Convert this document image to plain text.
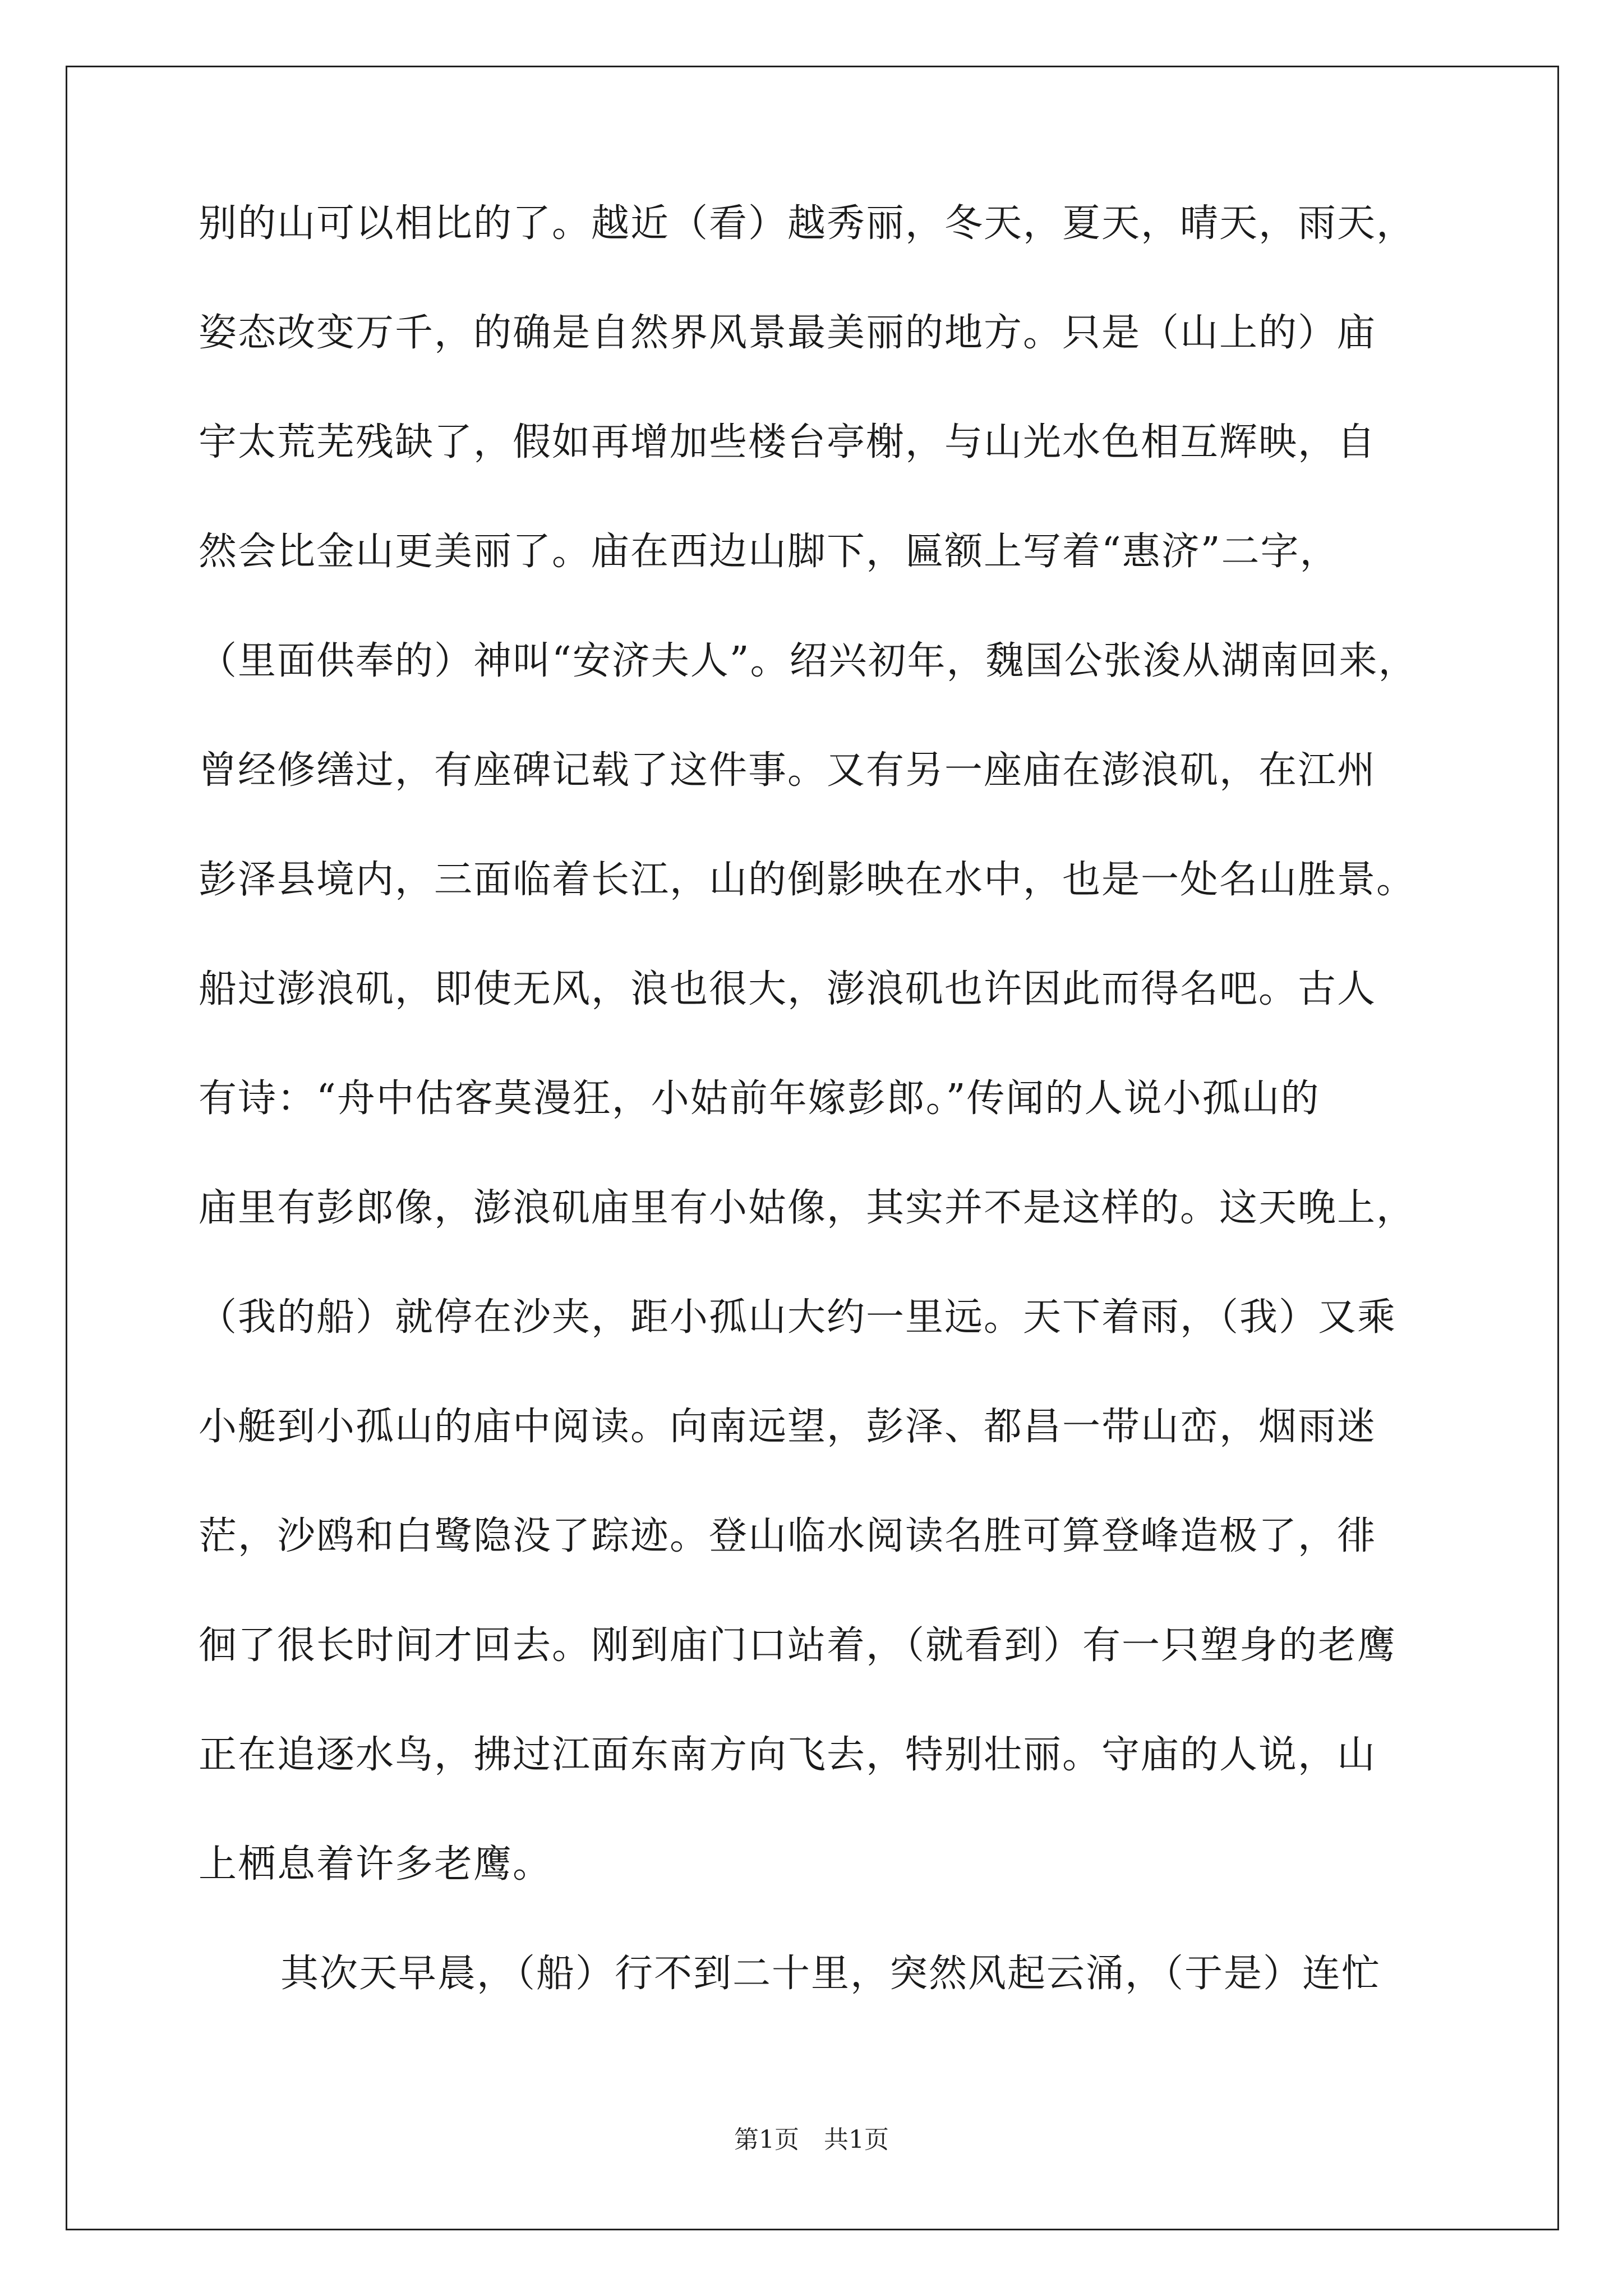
别的山可以相比的了。越近（看）越秀丽，冬天，夏天，晴天，雨天，
姿态改变万千，的确是自然界风景最美丽的地方。只是（山上的）庙
宇太荒芜残缺了，假如再增加些楼台亭榭，与山光水色相互辉映，自
然会比金山更美丽了。庙在西边山脚下，匾额上写着“惠济”二字，
（里面供奉的）神叫“安济夫人”。绍兴初年，魏国公张浚从湖南回来，
曾经修缮过，有座碑记载了这件事。又有另一座庙在澎浪矶，在江州
彭泽县境内，三面临着长江，山的倒影映在水中，也是一处名山胜景。
船过澎浪矶，即使无风，浪也很大，澎浪矶也许因此而得名吧。古人
有诗：“舟中估客莫漫狂，小姑前年嫁彭郎。”传闻的人说小孤山的
庙里有彭郎像，澎浪矶庙里有小姑像，其实并不是这样的。这天晚上，
（我的船）就停在沙夹，距小孤山大约一里远。天下着雨，（我）又乘
小艇到小孤山的庙中阅读。向南远望，彭泽、都昌一带山峦，烟雨迷
茫，沙鸥和白鹭隐没了踪迹。登山临水阅读名胜可算登峰造极了，徘
徊了很长时间才回去。刚到庙门口站着，（就看到）有一只塑身的老鹰
正在追逐水鸟，拂过江面东南方向飞去，特别壮丽。守庙的人说，山
上栖息着许多老鹰。
其次天早晨，（船）行不到二十里，突然风起云涌，（于是）连忙
第1页　共1页
